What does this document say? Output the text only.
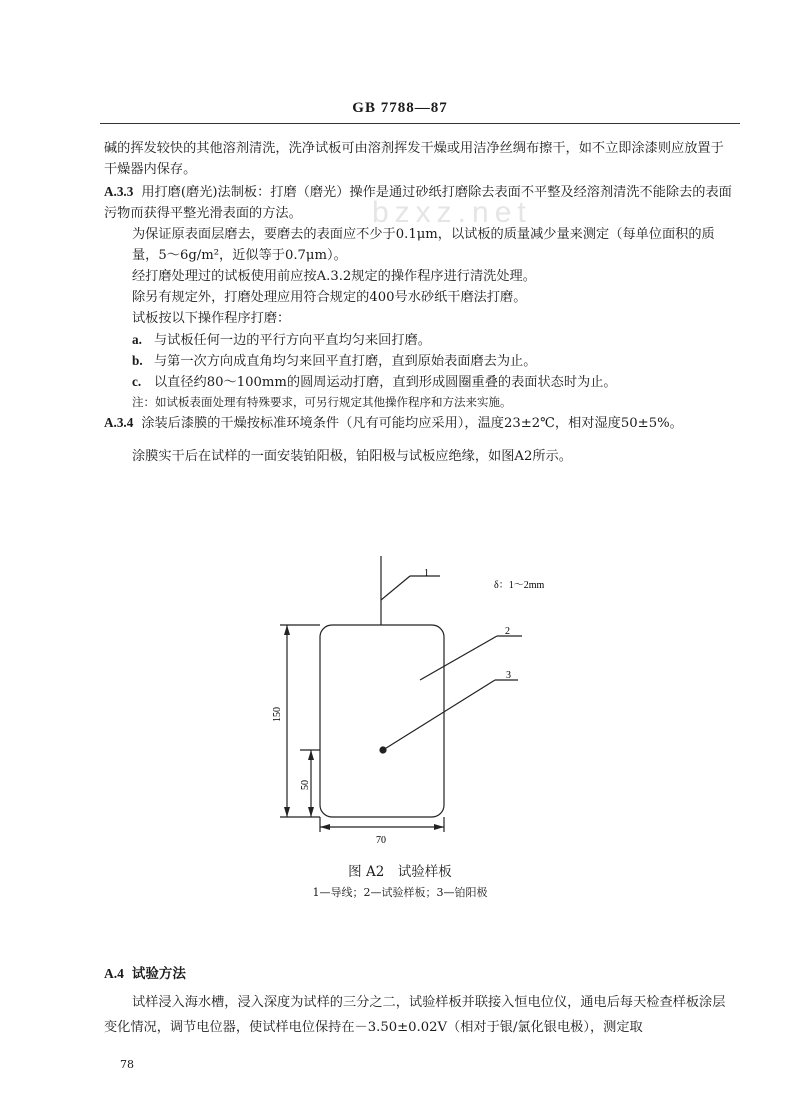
GB 7788—87
bzxz.net

碱的挥发较快的其他溶剂清洗，洗净试板可由溶剂挥发干燥或用洁净丝绸布擦干，如不立即涂漆则应放置于干燥器内保存。

A.3.3 用打磨(磨光)法制板：打磨（磨光）操作是通过砂纸打磨除去表面不平整及经溶剂清洗不能除去的表面污物而获得平整光滑表面的方法。

为保证原表面层磨去，要磨去的表面应不少于0.1μm，以试板的质量减少量来测定（每单位面积的质量，5～6g/m²，近似等于0.7μm）。

经打磨处理过的试板使用前应按A.3.2规定的操作程序进行清洗处理。

除另有规定外，打磨处理应用符合规定的400号水砂纸干磨法打磨。

试板按以下操作程序打磨：

a. 与试板任何一边的平行方向平直均匀来回打磨。

b. 与第一次方向成直角均匀来回平直打磨，直到原始表面磨去为止。

c. 以直径约80～100mm的圆周运动打磨，直到形成圆圈重叠的表面状态时为止。

注：如试板表面处理有特殊要求，可另行规定其他操作程序和方法来实施。

A.3.4 涂装后漆膜的干燥按标准环境条件（凡有可能均应采用），温度23±2℃，相对湿度50±5%。

涂膜实干后在试样的一面安装铂阳极，铂阳极与试板应绝缘，如图A2所示。

1
2
3
δ：1～2mm
150
50
70

图 A2　试验样板

1—导线；2—试验样板；3—铂阳极

A.4 试验方法

试样浸入海水槽，浸入深度为试样的三分之二，试验样板并联接入恒电位仪，通电后每天检查样板涂层变化情况，调节电位器，使试样电位保持在－3.50±0.02V（相对于银/氯化银电极），测定取

78
